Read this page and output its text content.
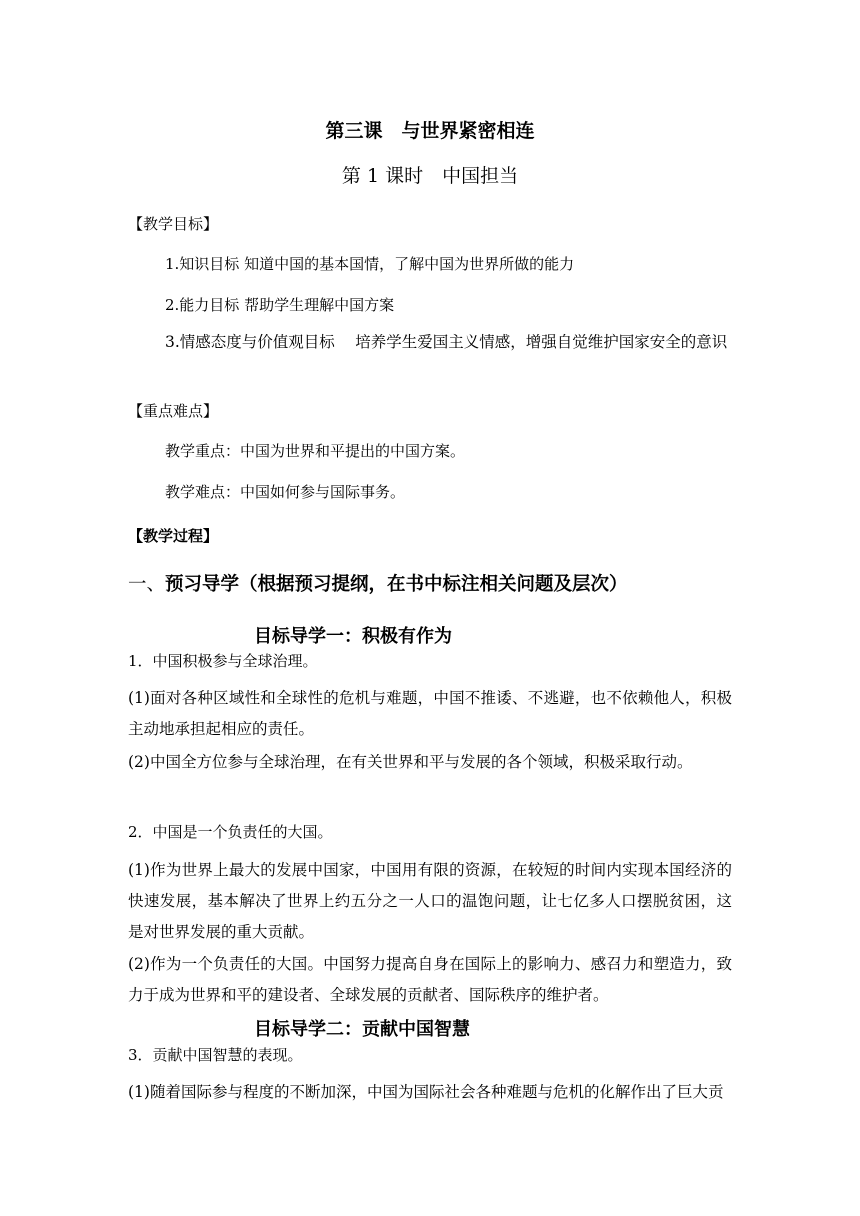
第三课　与世界紧密相连
第 1 课时　中国担当

【教学目标】

1.知识目标 知道中国的基本国情，了解中国为世界所做的能力

2.能力目标 帮助学生理解中国方案

3.情感态度与价值观目标　 培养学生爱国主义情感，增强自觉维护国家安全的意识

【重点难点】

教学重点：中国为世界和平提出的中国方案。

教学难点：中国如何参与国际事务。

【教学过程】

一、预习导学（根据预习提纲，在书中标注相关问题及层次）

目标导学一：积极有作为

1．中国积极参与全球治理。

(1)面对各种区域性和全球性的危机与难题，中国不推诿、不逃避，也不依赖他人，积极主动地承担起相应的责任。

(2)中国全方位参与全球治理，在有关世界和平与发展的各个领域，积极采取行动。

2．中国是一个负责任的大国。

(1)作为世界上最大的发展中国家，中国用有限的资源，在较短的时间内实现本国经济的快速发展，基本解决了世界上约五分之一人口的温饱问题，让七亿多人口摆脱贫困，这是对世界发展的重大贡献。

(2)作为一个负责任的大国。中国努力提高自身在国际上的影响力、感召力和塑造力，致力于成为世界和平的建设者、全球发展的贡献者、国际秩序的维护者。

目标导学二：贡献中国智慧

3．贡献中国智慧的表现。

(1)随着国际参与程度的不断加深，中国为国际社会各种难题与危机的化解作出了巨大贡
